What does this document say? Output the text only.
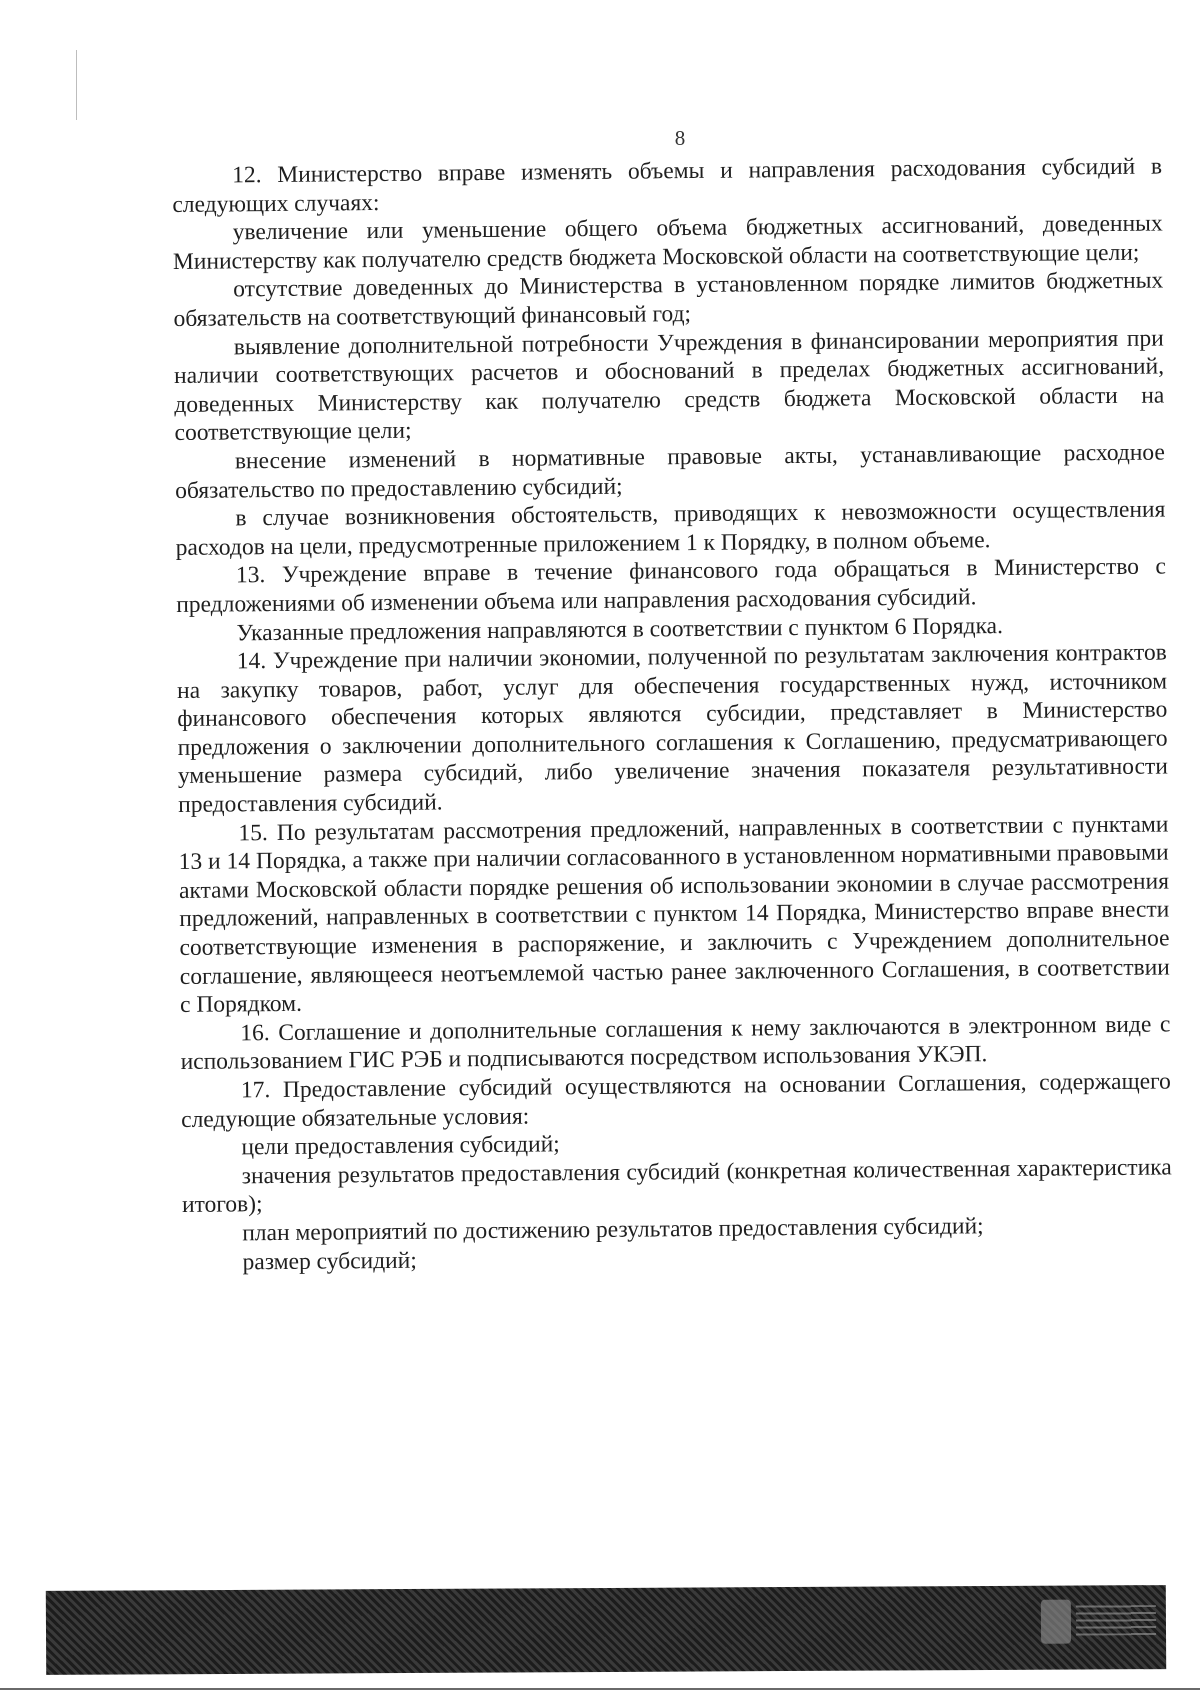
8

12. Министерство вправе изменять объемы и направления расходования субсидий в следующих случаях:

увеличение или уменьшение общего объема бюджетных ассигнований, доведенных Министерству как получателю средств бюджета Московской области на соответствующие цели;

отсутствие доведенных до Министерства в установленном порядке лимитов бюджетных обязательств на соответствующий финансовый год;

выявление дополнительной потребности Учреждения в финансировании мероприятия при наличии соответствующих расчетов и обоснований в пределах бюджетных ассигнований, доведенных Министерству как получателю средств бюджета Московской области на соответствующие цели;

внесение изменений в нормативные правовые акты, устанавливающие расходное обязательство по предоставлению субсидий;

в случае возникновения обстоятельств, приводящих к невозможности осуществления расходов на цели, предусмотренные приложением 1 к Порядку, в полном объеме.

13. Учреждение вправе в течение финансового года обращаться в Министерство с предложениями об изменении объема или направления расходования субсидий.

Указанные предложения направляются в соответствии с пунктом 6 Порядка.

14. Учреждение при наличии экономии, полученной по результатам заключения контрактов на закупку товаров, работ, услуг для обеспечения государственных нужд, источником финансового обеспечения которых являются субсидии, представляет в Министерство предложения о заключении дополнительного соглашения к Соглашению, предусматривающего уменьшение размера субсидий, либо увеличение значения показателя результативности предоставления субсидий.

15. По результатам рассмотрения предложений, направленных в соответствии с пунктами 13 и 14 Порядка, а также при наличии согласованного в установленном нормативными правовыми актами Московской области порядке решения об использовании экономии в случае рассмотрения предложений, направленных в соответствии с пунктом 14 Порядка, Министерство вправе внести соответствующие изменения в распоряжение, и заключить с Учреждением дополнительное соглашение, являющееся неотъемлемой частью ранее заключенного Соглашения, в соответствии с Порядком.

16. Соглашение и дополнительные соглашения к нему заключаются в электронном виде с использованием ГИС РЭБ и подписываются посредством использования УКЭП.

17. Предоставление субсидий осуществляются на основании Соглашения, содержащего следующие обязательные условия:

цели предоставления субсидий;

значения результатов предоставления субсидий (конкретная количественная характеристика итогов);

план мероприятий по достижению результатов предоставления субсидий;

размер субсидий;
